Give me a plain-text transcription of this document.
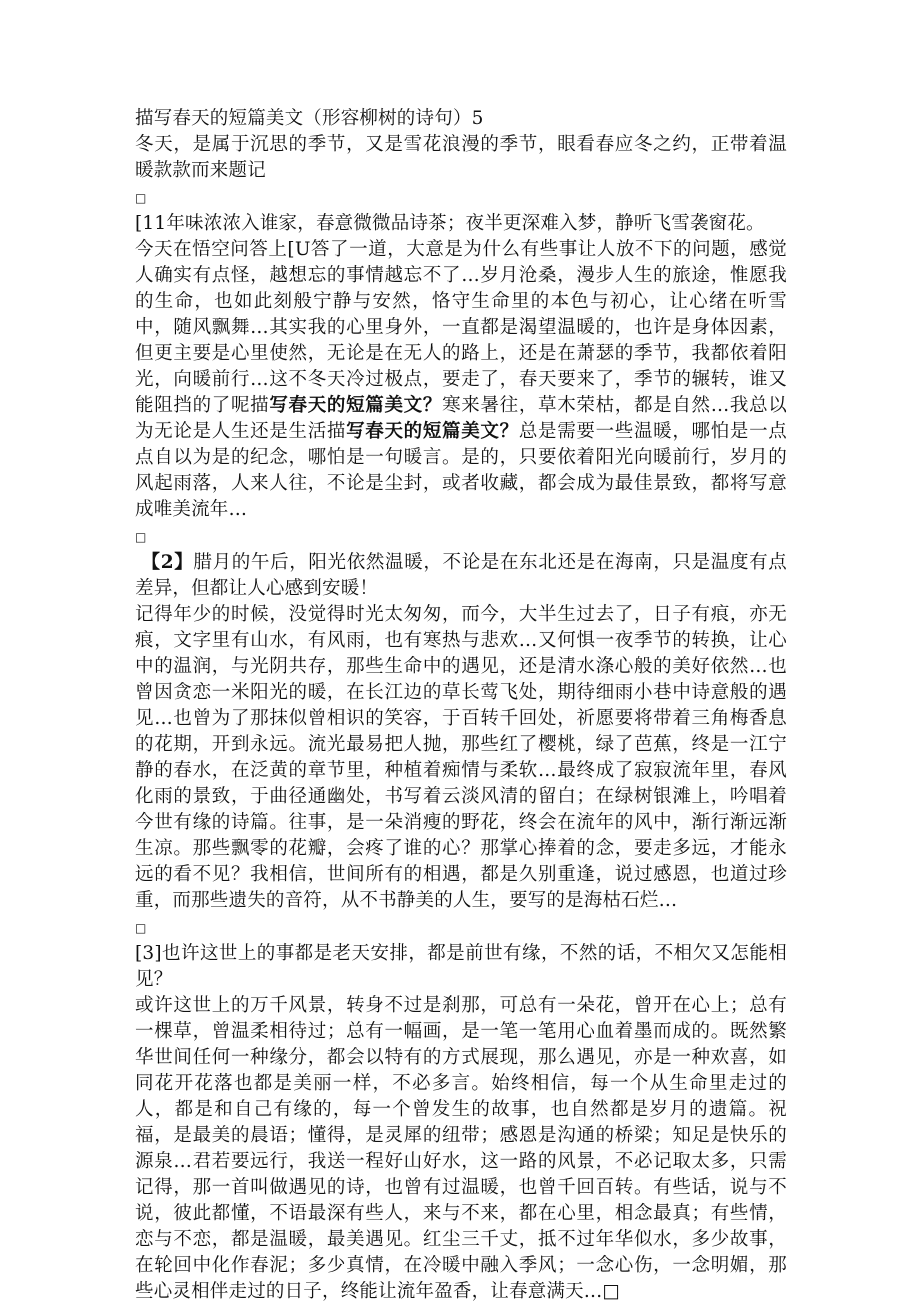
描写春天的短篇美文（形容柳树的诗句）5
冬天，是属于沉思的季节，又是雪花浪漫的季节，眼看春应冬之约，正带着温暖款款而来题记
□
[11年味浓浓入谁家，春意微微品诗茶；夜半更深难入梦，静听飞雪袭窗花。
今天在悟空问答上[U答了一道，大意是为什么有些事让人放不下的问题，感觉人确实有点怪，越想忘的事情越忘不了…岁月沧桑，漫步人生的旅途，惟愿我的生命，也如此刻般宁静与安然，恪守生命里的本色与初心，让心绪在听雪中，随风飘舞…其实我的心里身外，一直都是渴望温暖的，也许是身体因素，但更主要是心里使然，无论是在无人的路上，还是在萧瑟的季节，我都依着阳光，向暖前行…这不冬天冷过极点，要走了，春天要来了，季节的辗转，谁又能阻挡的了呢描写春天的短篇美文？寒来暑往，草木荣枯，都是自然…我总以为无论是人生还是生活描写春天的短篇美文？总是需要一些温暖，哪怕是一点点自以为是的纪念，哪怕是一句暖言。是的，只要依着阳光向暖前行，岁月的风起雨落，人来人往，不论是尘封，或者收藏，都会成为最佳景致，都将写意成唯美流年…
□
【2】腊月的午后，阳光依然温暖，不论是在东北还是在海南，只是温度有点差异，但都让人心感到安暖！
记得年少的时候，没觉得时光太匆匆，而今，大半生过去了，日子有痕，亦无痕，文字里有山水，有风雨，也有寒热与悲欢…又何惧一夜季节的转换，让心中的温润，与光阴共存，那些生命中的遇见，还是清水涤心般的美好依然…也曾因贪恋一米阳光的暖，在长江边的草长莺飞处，期待细雨小巷中诗意般的遇见…也曾为了那抹似曾相识的笑容，于百转千回处，祈愿要将带着三角梅香息的花期，开到永远。流光最易把人抛，那些红了樱桃，绿了芭蕉，终是一江宁静的春水，在泛黄的章节里，种植着痴情与柔软…最终成了寂寂流年里，春风化雨的景致，于曲径通幽处，书写着云淡风清的留白；在绿树银滩上，吟唱着今世有缘的诗篇。往事，是一朵消瘦的野花，终会在流年的风中，渐行渐远渐生凉。那些飘零的花瓣，会疼了谁的心？那掌心捧着的念，要走多远，才能永远的看不见？我相信，世间所有的相遇，都是久别重逢，说过感恩，也道过珍重，而那些遗失的音符，从不书静美的人生，要写的是海枯石烂…
□
[3]也许这世上的事都是老天安排，都是前世有缘，不然的话，不相欠又怎能相见？
或许这世上的万千风景，转身不过是刹那，可总有一朵花，曾开在心上；总有一棵草，曾温柔相待过；总有一幅画，是一笔一笔用心血着墨而成的。既然繁华世间任何一种缘分，都会以特有的方式展现，那么遇见，亦是一种欢喜，如同花开花落也都是美丽一样，不必多言。始终相信，每一个从生命里走过的人，都是和自己有缘的，每一个曾发生的故事，也自然都是岁月的遗篇。祝福，是最美的晨语；懂得，是灵犀的纽带；感恩是沟通的桥梁；知足是快乐的源泉…君若要远行，我送一程好山好水，这一路的风景，不必记取太多，只需记得，那一首叫做遇见的诗，也曾有过温暖，也曾千回百转。有些话，说与不说，彼此都懂，不语最深有些人，来与不来，都在心里，相念最真；有些情，恋与不恋，都是温暖，最美遇见。红尘三千丈，抵不过年华似水，多少故事，在轮回中化作春泥；多少真情，在冷暖中融入季风；一念心伤，一念明媚，那些心灵相伴走过的日子，终能让流年盈香，让春意满天…□
